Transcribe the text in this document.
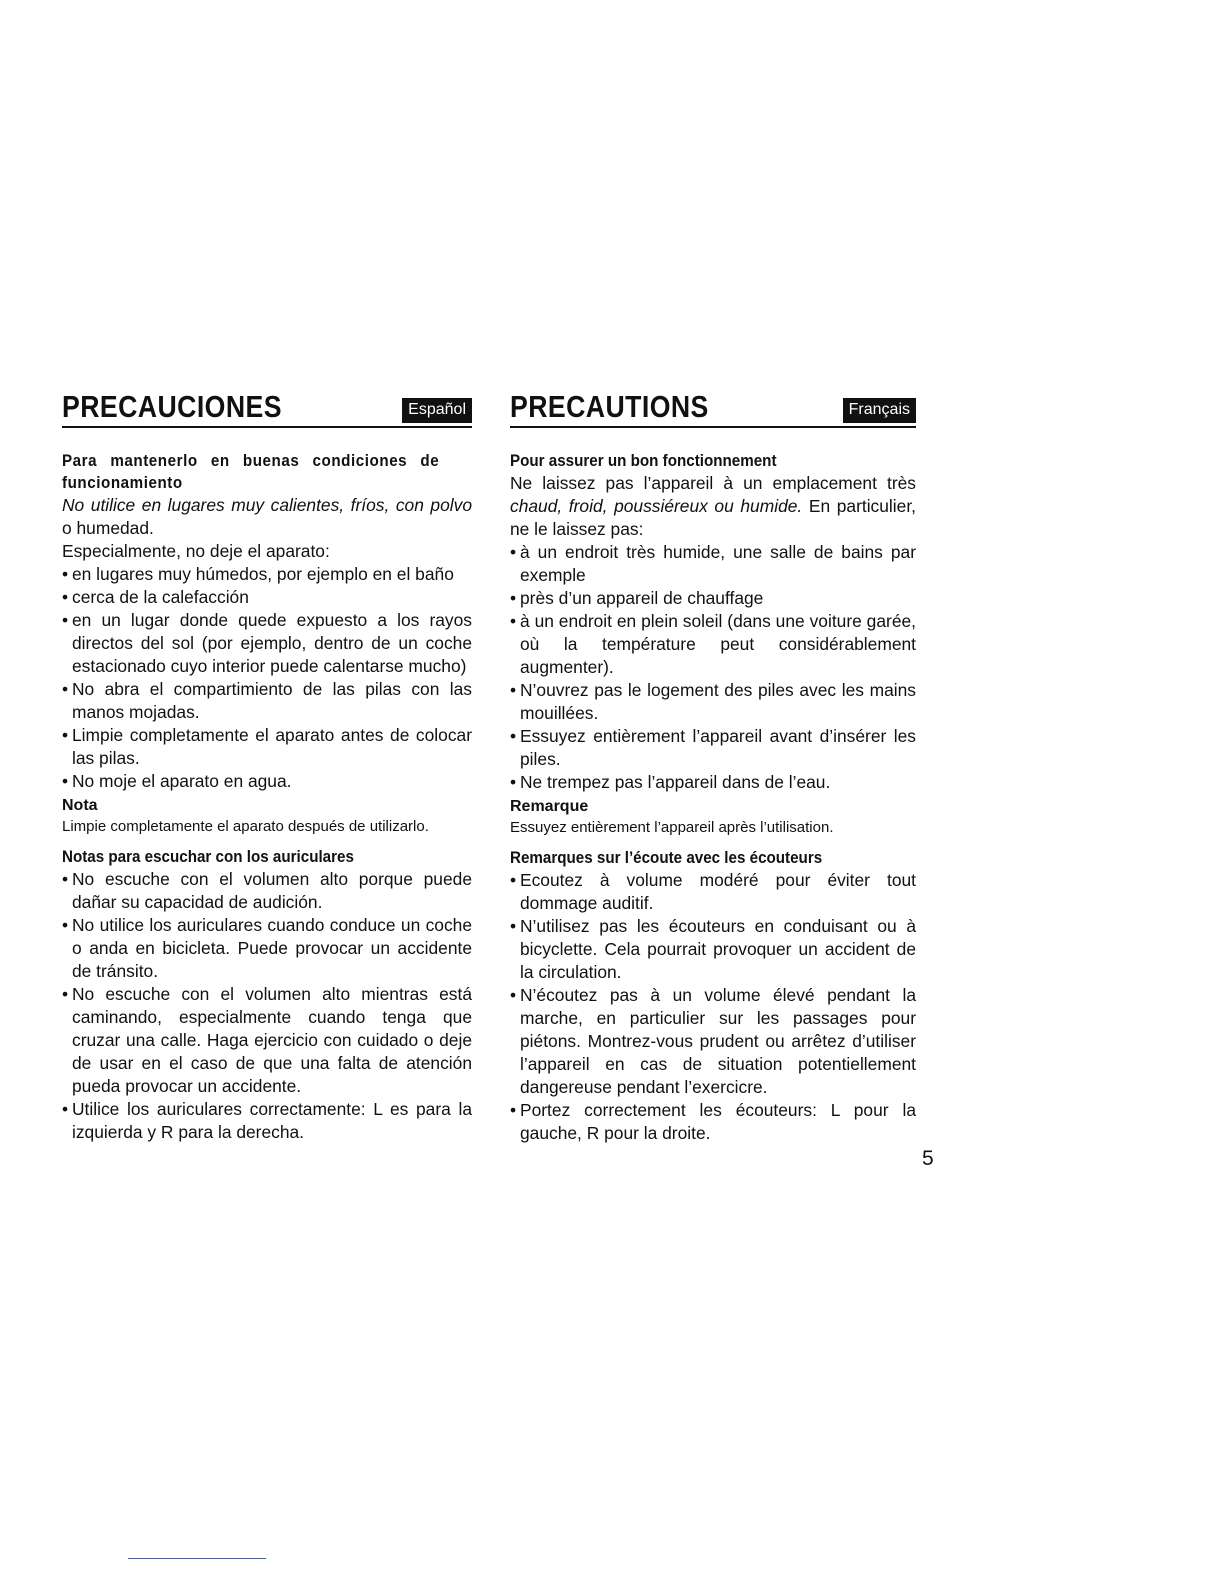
PRECAUCIONES	Español
Para mantenerlo en buenas condiciones de funcionamiento

No utilice en lugares muy calientes, fríos, con polvo o humedad.

Especialmente, no deje el aparato:

• en lugares muy húmedos, por ejemplo en el baño
• cerca de la calefacción
• en un lugar donde quede expuesto a los rayos directos del sol (por ejemplo, dentro de un coche estacionado cuyo interior puede calentarse mucho)
• No abra el compartimiento de las pilas con las manos mojadas.
• Limpie completamente el aparato antes de colocar las pilas.
• No moje el aparato en agua.
Nota
Limpie completamente el aparato después de utilizarlo.
Notas para escuchar con los auriculares
• No escuche con el volumen alto porque puede dañar su capacidad de audición.
• No utilice los auriculares cuando conduce un coche o anda en bicicleta. Puede provocar un accidente de tránsito.
• No escuche con el volumen alto mientras está caminando, especialmente cuando tenga que cruzar una calle. Haga ejercicio con cuidado o deje de usar en el caso de que una falta de atención pueda provocar un accidente.
• Utilice los auriculares correctamente: L es para la izquierda y R para la derecha.
PRECAUTIONS	Français
Pour assurer un bon fonctionnement

Ne laissez pas l’appareil à un emplacement très chaud, froid, poussiéreux ou humide. En particulier, ne le laissez pas:

• à un endroit très humide, une salle de bains par exemple
• près d’un appareil de chauffage
• à un endroit en plein soleil (dans une voiture garée, où la température peut considérablement augmenter).
• N’ouvrez pas le logement des piles avec les mains mouillées.
• Essuyez entièrement l’appareil avant d’insérer les piles.
• Ne trempez pas l’appareil dans de l’eau.
Remarque
Essuyez entièrement l’appareil après l’utilisation.
Remarques sur l’écoute avec les écouteurs
• Ecoutez à volume modéré pour éviter tout dommage auditif.
• N’utilisez pas les écouteurs en conduisant ou à bicyclette. Cela pourrait provoquer un accident de la circulation.
• N’écoutez pas à un volume élevé pendant la marche, en particulier sur les passages pour piétons. Montrez-vous prudent ou arrêtez d’utiliser l’appareil en cas de situation potentiellement dangereuse pendant l’exercicre.
• Portez correctement les écouteurs: L pour la gauche, R pour la droite.
5
